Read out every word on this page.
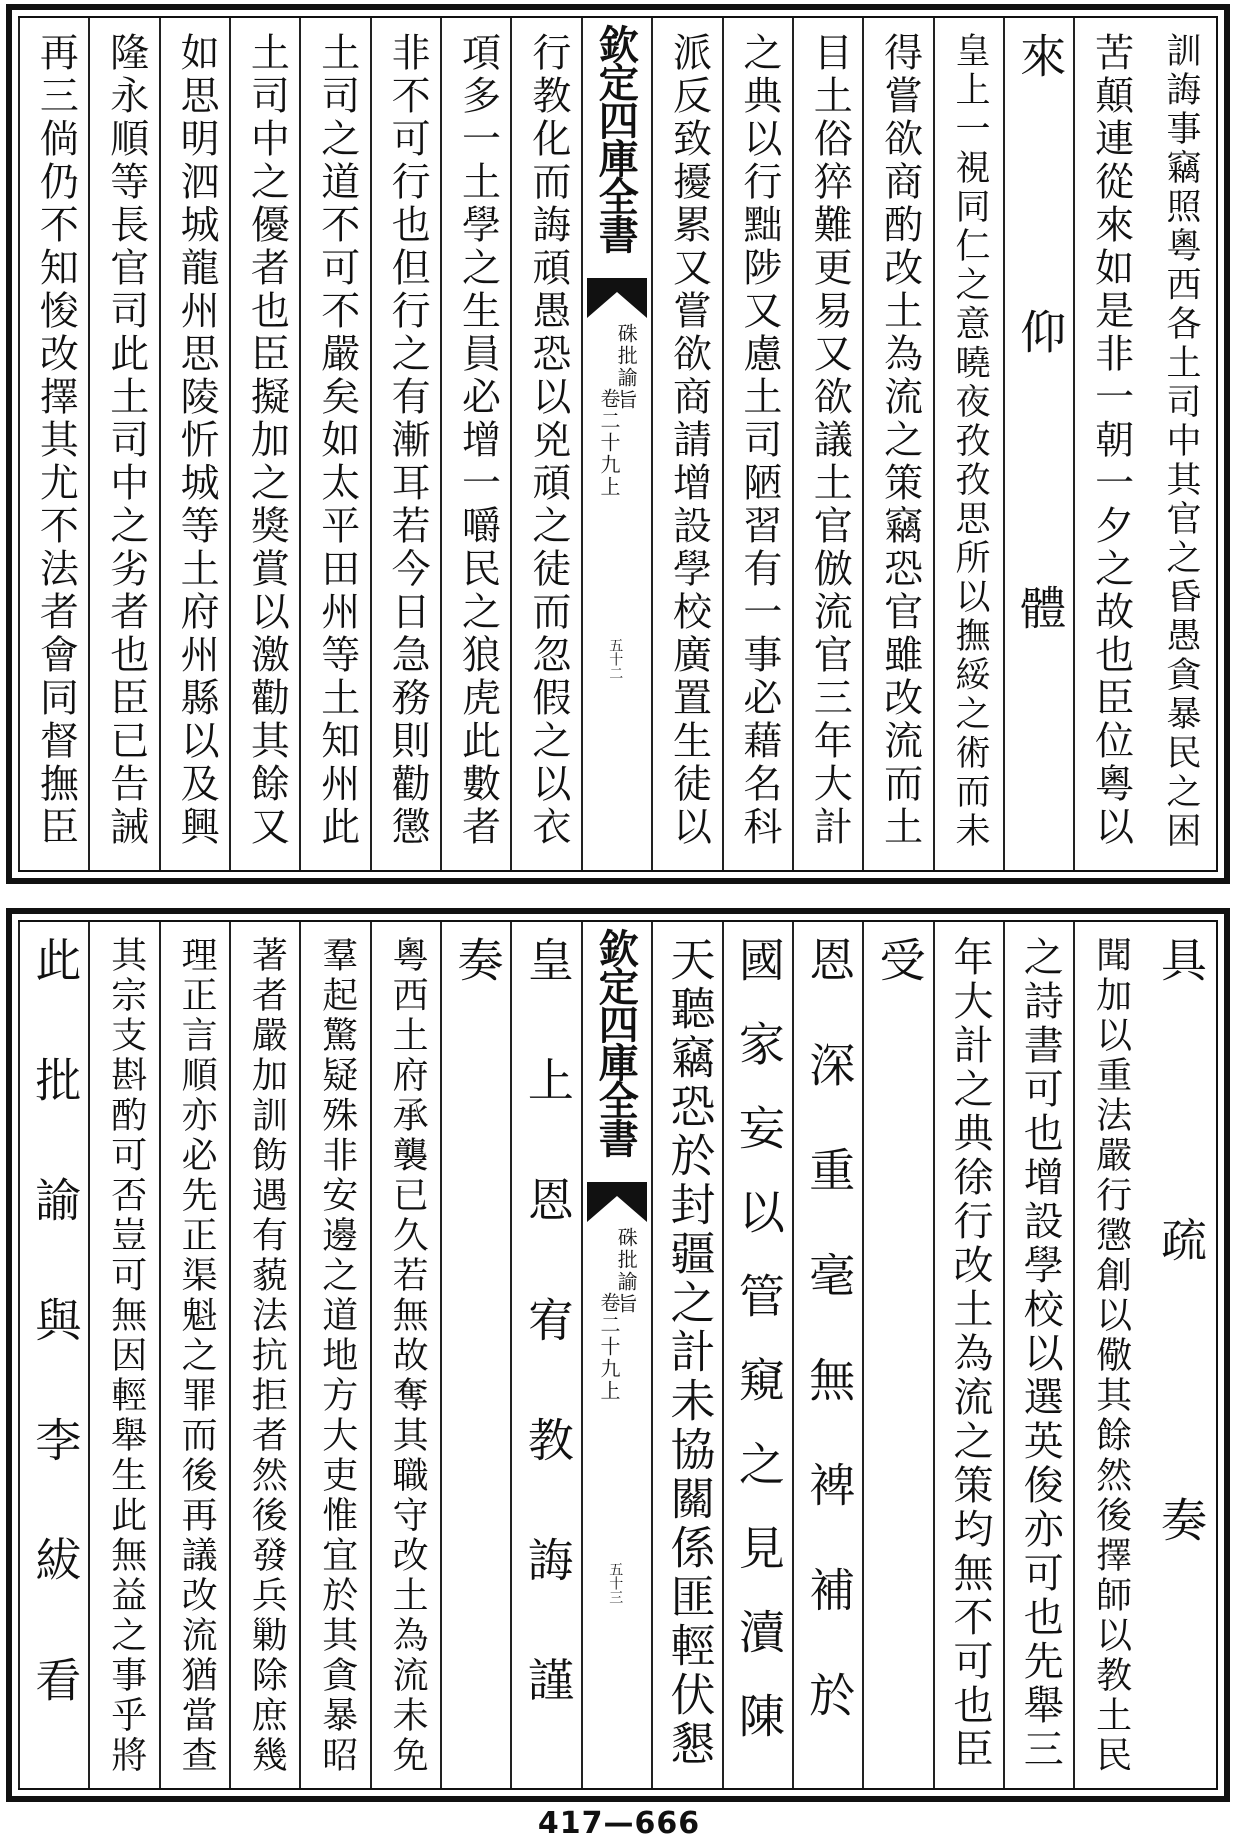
訓誨事竊照粵西各土司中其官之昏愚貪暴民之困
苦顛連從來如是非一朝一夕之故也臣位粵以
來仰體
皇上一視同仁之意曉夜孜孜思所以撫綏之術而未
得嘗欲商酌改土為流之策竊恐官雖改流而土
目土俗猝難更易又欲議土官倣流官三年大計
之典以行黜陟又慮土司陋習有一事必藉名科
派反致擾累又嘗欲商請增設學校廣置生徒以
欽定四庫全書
硃批諭旨
卷二十九上
五十二
行教化而誨頑愚恐以兇頑之徒而忽假之以衣
項多一土學之生員必增一嚼民之狼虎此數者
非不可行也但行之有漸耳若今日急務則勸懲
土司之道不可不嚴矣如太平田州等土知州此
土司中之優者也臣擬加之獎賞以激勸其餘又
如思明泗城龍州思陵忻城等土府州縣以及興
隆永順等長官司此土司中之劣者也臣已告誡
再三倘仍不知悛改擇其尤不法者會同督撫臣
具疏奏
聞加以重法嚴行懲創以儆其餘然後擇師以教土民
之詩書可也增設學校以選英俊亦可也先舉三
年大計之典徐行改土為流之策均無不可也臣
受
恩深重毫無裨補於
國家妄以管窺之見瀆陳
天聽竊恐於封疆之計未協關係匪輕伏懇
欽定四庫全書
硃批諭旨
卷二十九上
五十三
皇上恩宥教誨謹
奏
粵西土府承襲已久若無故奪其職守改土為流未免
羣起驚疑殊非安邊之道地方大吏惟宜於其貪暴昭
著者嚴加訓飭遇有藐法抗拒者然後發兵勦除庶幾
理正言順亦必先正渠魁之罪而後再議改流猶當查
其宗支斟酌可否豈可無因輕舉生此無益之事乎將
此批諭與李紱看
417—666
